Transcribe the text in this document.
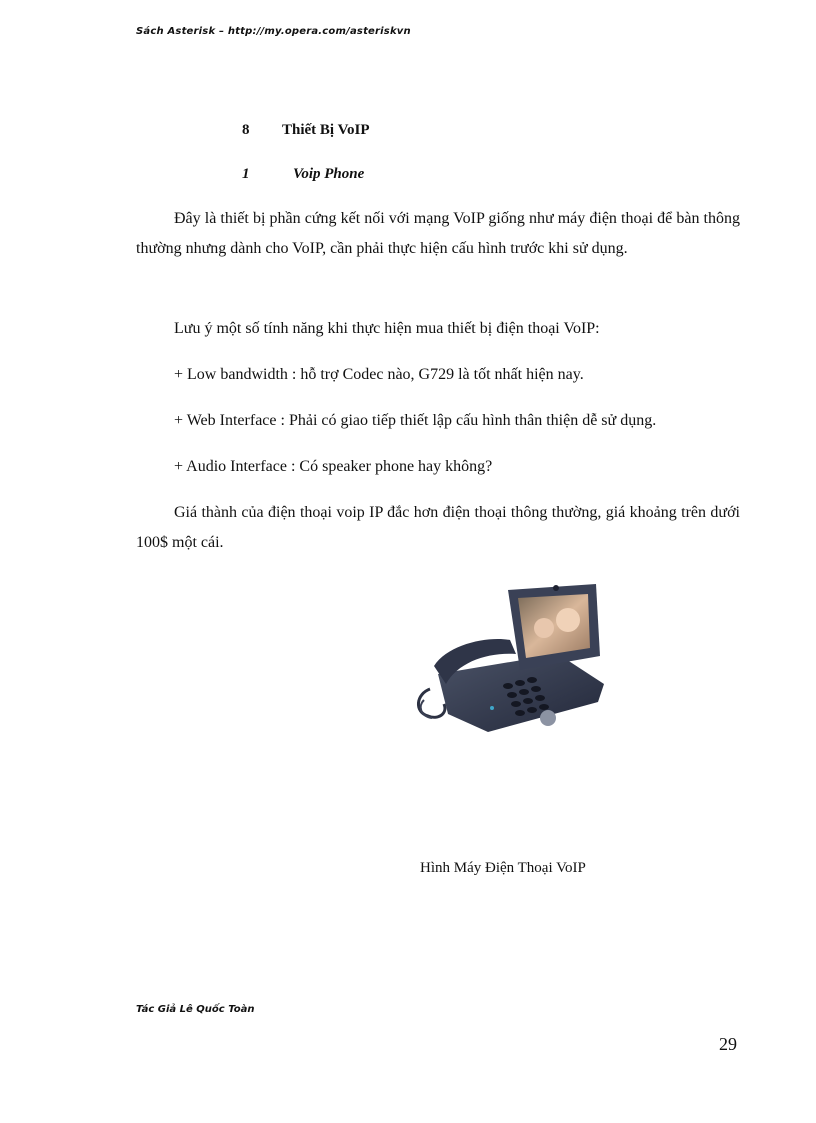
Sách Asterisk – http://my.opera.com/asteriskvn
8 Thiết Bị VoIP
1	Voip Phone

Đây là thiết bị phần cứng kết nối với mạng VoIP giống như máy điện thoại để bàn thông thường nhưng dành cho VoIP, cần phải thực hiện cấu hình trước khi sử dụng.

Lưu ý một số tính năng khi thực hiện mua thiết bị điện thoại VoIP:

+ Low bandwidth : hỗ trợ Codec nào, G729 là tốt nhất hiện nay.

+ Web Interface : Phải có giao tiếp thiết lập cấu hình thân thiện dễ sử dụng.

+ Audio Interface : Có speaker phone hay không?

Giá thành của điện thoại voip IP đắc hơn điện thoại thông thường, giá khoảng trên dưới 100$ một cái.

Hình Máy Điện Thoại VoIP
Tác Giả Lê Quốc Toàn
29
